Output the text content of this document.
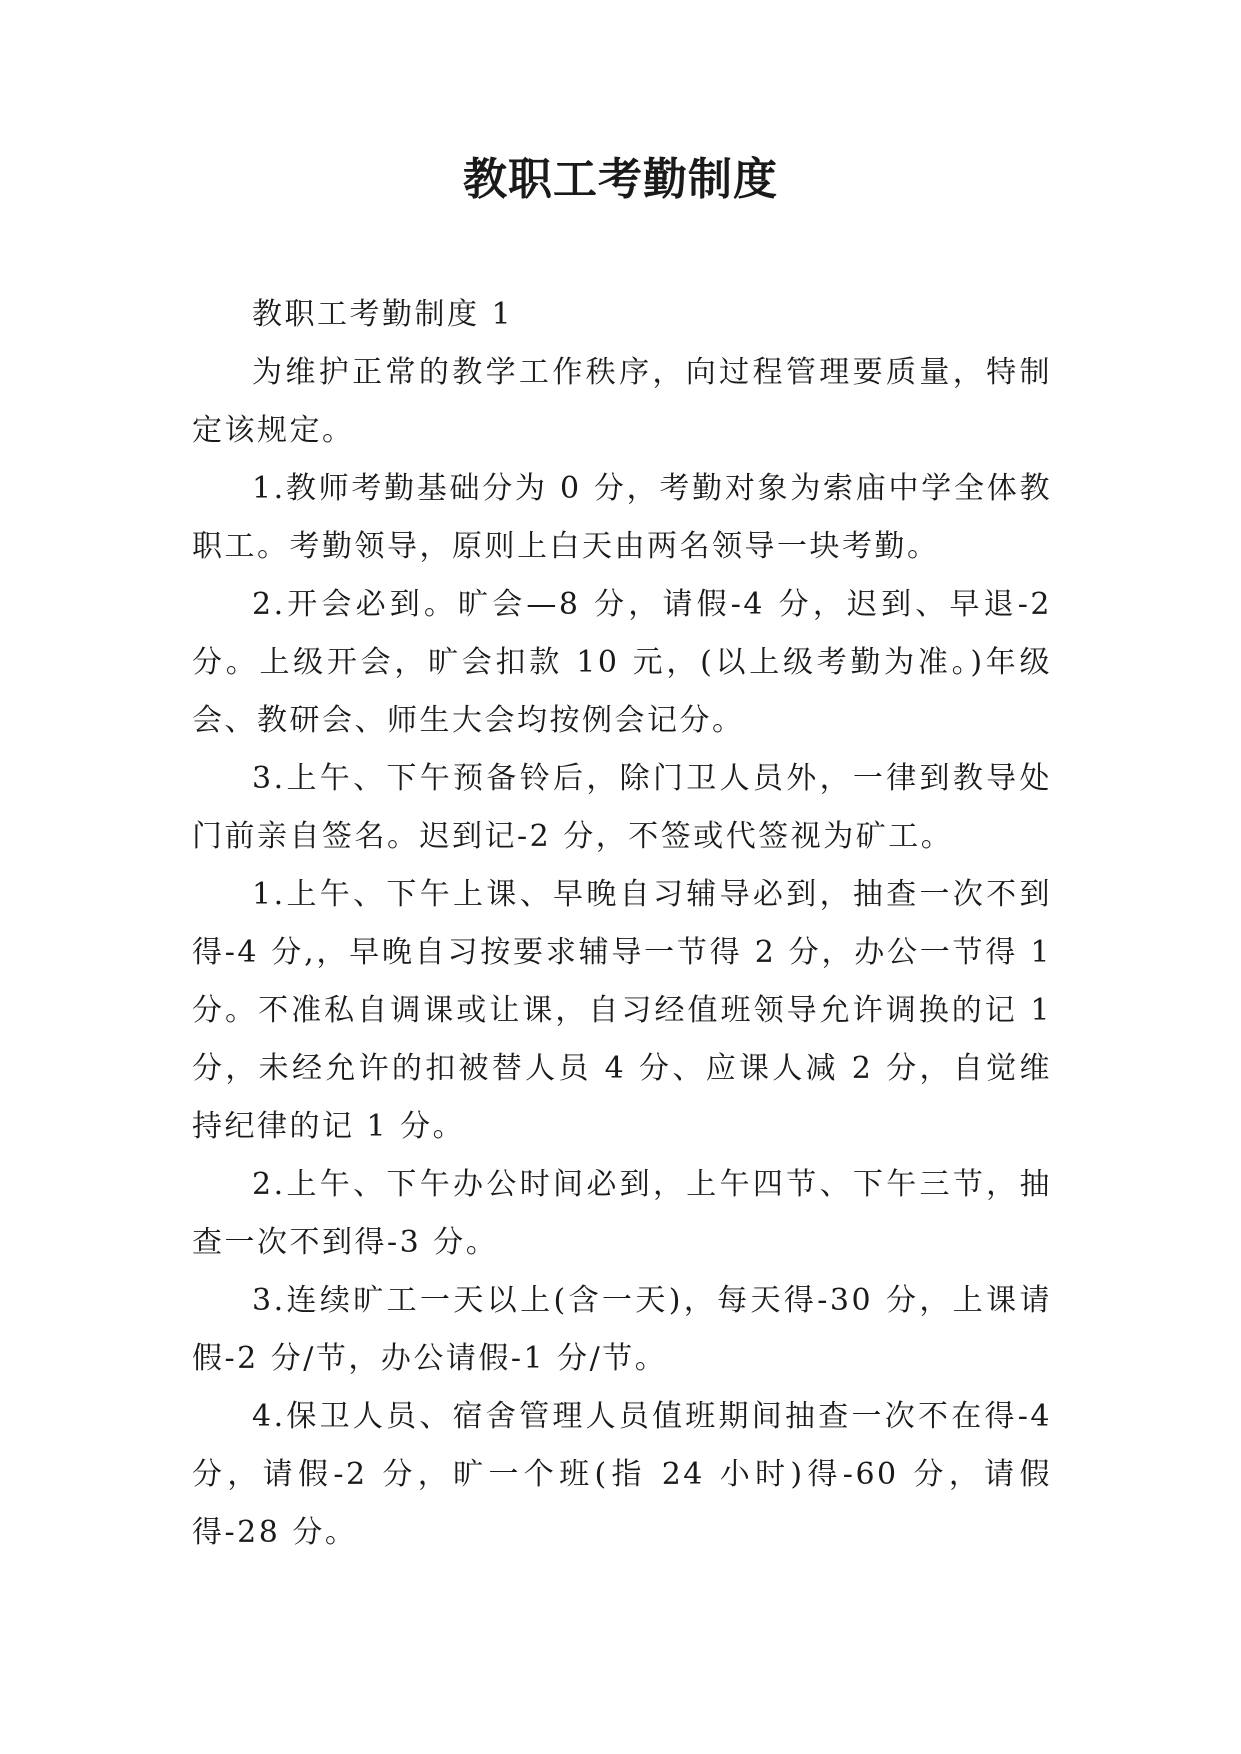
教职工考勤制度

教职工考勤制度 1

为维护正常的教学工作秩序，向过程管理要质量，特制定该规定。

1.教师考勤基础分为 0 分，考勤对象为索庙中学全体教职工。考勤领导，原则上白天由两名领导一块考勤。

2.开会必到。旷会—8 分，请假-4 分，迟到、早退-2 分。上级开会，旷会扣款 10 元，(以上级考勤为准。)年级会、教研会、师生大会均按例会记分。

3.上午、下午预备铃后，除门卫人员外，一律到教导处门前亲自签名。迟到记-2 分，不签或代签视为矿工。

1.上午、下午上课、早晚自习辅导必到，抽查一次不到得-4 分,，早晚自习按要求辅导一节得 2 分，办公一节得 1 分。不准私自调课或让课，自习经值班领导允许调换的记 1 分，未经允许的扣被替人员 4 分、应课人减 2 分，自觉维持纪律的记 1 分。

2.上午、下午办公时间必到，上午四节、下午三节，抽查一次不到得-3 分。

3.连续旷工一天以上(含一天)，每天得-30 分，上课请假-2 分/节，办公请假-1 分/节。

4.保卫人员、宿舍管理人员值班期间抽查一次不在得-4 分，请假-2 分，旷一个班(指 24 小时)得-60 分，请假得-28 分。
